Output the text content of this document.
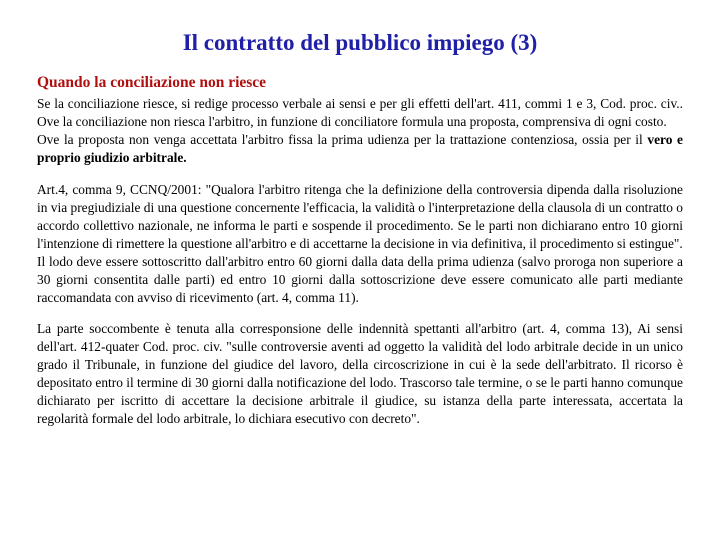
Il contratto del pubblico impiego (3)
Quando la conciliazione non riesce

Se la conciliazione riesce, si redige processo verbale ai sensi e per gli effetti dell'art. 411, commi 1 e 3, Cod. proc. civ.. Ove la conciliazione non riesca l'arbitro, in funzione di conciliatore formula una proposta, comprensiva di ogni costo.

Ove la proposta non venga accettata l'arbitro fissa la prima udienza per la trattazione contenziosa, ossia per il vero e proprio giudizio arbitrale.

Art.4, comma 9, CCNQ/2001: "Qualora l'arbitro ritenga che la definizione della controversia dipenda dalla risoluzione in via pregiudiziale di una questione concernente l'efficacia, la validità o l'interpretazione della clausola di un contratto o accordo collettivo nazionale, ne informa le parti e sospende il procedimento. Se le parti non dichiarano entro 10 giorni l'intenzione di rimettere la questione all'arbitro e di accettarne la decisione in via definitiva, il procedimento si estingue".

Il lodo deve essere sottoscritto dall'arbitro entro 60 giorni dalla data della prima udienza (salvo proroga non superiore a 30 giorni consentita dalle parti) ed entro 10 giorni dalla sottoscrizione deve essere comunicato alle parti mediante raccomandata con avviso di ricevimento (art. 4, comma 11).

La parte soccombente è tenuta alla corresponsione delle indennità spettanti all'arbitro (art. 4, comma 13), Ai sensi dell'art. 412-quater Cod. proc. civ. "sulle controversie aventi ad oggetto la validità del lodo arbitrale decide in un unico grado il Tribunale, in funzione del giudice del lavoro, della circoscrizione in cui è la sede dell'arbitrato. Il ricorso è depositato entro il termine di 30 giorni dalla notificazione del lodo. Trascorso tale termine, o se le parti hanno comunque dichiarato per iscritto di accettare la decisione arbitrale il giudice, su istanza della parte interessata, accertata la regolarità formale del lodo arbitrale, lo dichiara esecutivo con decreto".
